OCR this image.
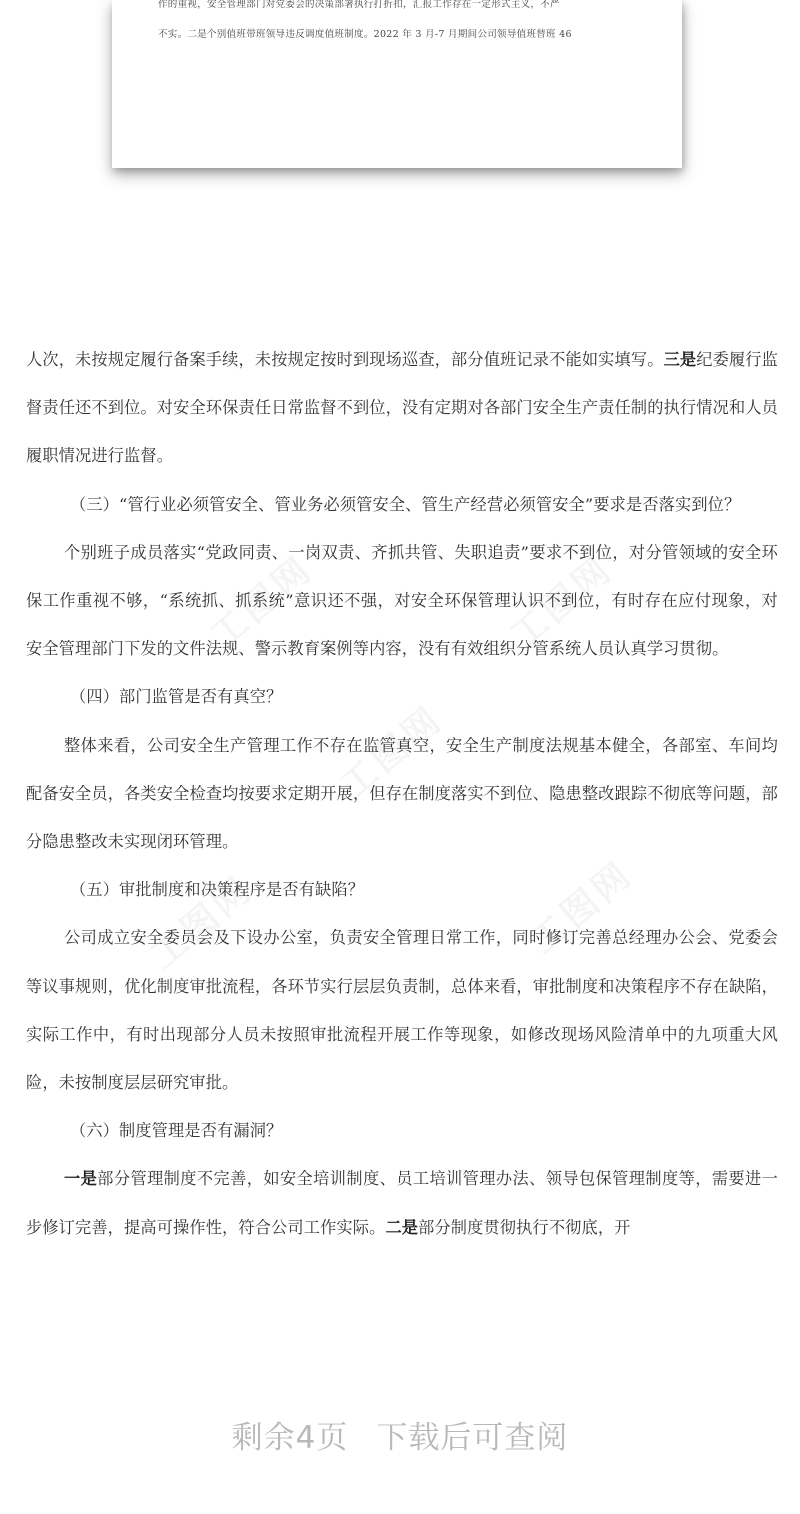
作的重视，安全管理部门对党委会的决策部署执行打折扣，汇报工作存在一定形式主义，不严
不实。二是个别值班带班领导违反调度值班制度。2022 年 3 月-7 月期间公司领导值班替班 46

人次，未按规定履行备案手续，未按规定按时到现场巡查，部分值班记录不能如实填写。三是纪委履行监督责任还不到位。对安全环保责任日常监督不到位，没有定期对各部门安全生产责任制的执行情况和人员履职情况进行监督。

（三）“管行业必须管安全、管业务必须管安全、管生产经营必须管安全”要求是否落实到位？

个别班子成员落实“党政同责、一岗双责、齐抓共管、失职追责”要求不到位，对分管领域的安全环保工作重视不够，“系统抓、抓系统”意识还不强，对安全环保管理认识不到位，有时存在应付现象，对安全管理部门下发的文件法规、警示教育案例等内容，没有有效组织分管系统人员认真学习贯彻。

（四）部门监管是否有真空？

整体来看，公司安全生产管理工作不存在监管真空，安全生产制度法规基本健全，各部室、车间均配备安全员，各类安全检查均按要求定期开展，但存在制度落实不到位、隐患整改跟踪不彻底等问题，部分隐患整改未实现闭环管理。

（五）审批制度和决策程序是否有缺陷？

公司成立安全委员会及下设办公室，负责安全管理日常工作，同时修订完善总经理办公会、党委会等议事规则，优化制度审批流程，各环节实行层层负责制，总体来看，审批制度和决策程序不存在缺陷，实际工作中，有时出现部分人员未按照审批流程开展工作等现象，如修改现场风险清单中的九项重大风险，未按制度层层研究审批。

（六）制度管理是否有漏洞？

一是部分管理制度不完善，如安全培训制度、员工培训管理办法、领导包保管理制度等，需要进一步修订完善，提高可操作性，符合公司工作实际。二是部分制度贯彻执行不彻底，开

剩余4页 下载后可查阅
